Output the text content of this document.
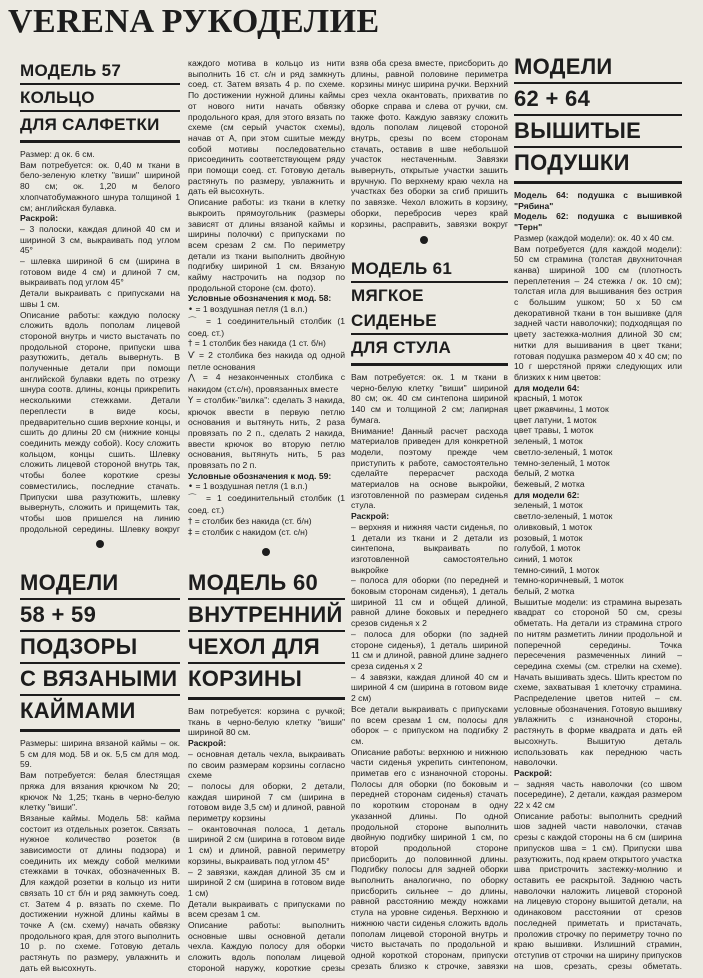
VERENA РУКОДЕЛИЕ
МОДЕЛЬ 57
КОЛЬЦО
ДЛЯ САЛФЕТКИ

Размер: д ок. 6 см.

Вам потребуется: ок. 0,40 м ткани в бело-зеленую клетку "виши" шириной 80 см; ок. 1,20 м белого хлопчатобумажного шнура толщиной 1 см; английская булавка.

Раскрой:

– 3 полоски, каждая длиной 40 см и шириной 3 см, выкраивать под углом 45°

– шлевка шириной 6 см (ширина в готовом виде 4 см) и длиной 7 см, выкраивать под углом 45°

Детали выкраивать с припусками на швы 1 см.

Описание работы: каждую полоску сложить вдоль пополам лицевой стороной внутрь и чисто выстачать по продольной стороне, припуски шва разутюжить, деталь вывернуть. В полученные детали при помощи английской булавки вдеть по отрезку шнура соотв. длины, концы прикрепить несколькими стежками. Детали переплести в виде косы, предварительно сшив верхние концы, и сшить до длины 20 см (нижние концы соединить между собой). Косу сложить кольцом, концы сшить. Шлевку сложить лицевой стороной внутрь так, чтобы более короткие срезы совместились, последние стачать. Припуски шва разутюжить, шлевку вывернуть, сложить и прищемить так, чтобы шов пришелся на линию продольной середины. Шлевку вокруг

МОДЕЛИ
58 + 59
ПОДЗОРЫ
С ВЯЗАНЫМИ
КАЙМАМИ

Размеры: ширина вязаной каймы – ок. 5 см для мод. 58 и ок. 5,5 см для мод. 59.

Вам потребуется: белая блестящая пряжа для вязания крючком № 20; крючок № 1,25; ткань в черно-белую клетку "виши".

Вязаные каймы. Модель 58: кайма состоит из отдельных розеток. Связать нужное количество розеток (в зависимости от длины подзора) и соединить их между собой мелкими стежками в точках, обозначенных B. Для каждой розетки в кольцо из нити связать 10 ст б/н и ряд замкнуть соед. ст. Затем 4 р. вязать по схеме. По достижении нужной длины каймы в точке A (см. схему) начать обвязку продольного края, для этого выполнить 10 р. по схеме. Готовую деталь растянуть по размеру, увлажнить и дать ей высохнуть.

каждого мотива в кольцо из нити выполнить 16 ст. с/н и ряд замкнуть соед. ст. Затем вязать 4 р. по схеме. По достижении нужной длины каймы от нового нити начать обвязку продольного края, для этого вязать по схеме (см серый участок схемы), начав от A, при этом сшитые между собой мотивы последовательно присоединить соответствующем ряду при помощи соед. ст. Готовую деталь растянуть по размеру, увлажнить и дать ей высохнуть.

Описание работы: из ткани в клетку выкроить прямоугольник (размеры зависят от длины вязаной каймы и ширины полочки) с припусками по всем срезам 2 см. По периметру детали из ткани выполнить двойную подгибку шириной 1 см. Вязаную кайму настрочить на подзор по продольной стороне (см. фото).

Условные обозначения к мод. 58:

• = 1 воздушная петля (1 в.п.)

⌒ = 1 соединительный столбик (1 соед. ст.)

† = 1 столбик без накида (1 ст. б/н)

Ѵ = 2 столбика без накида од одной петле основания

⋀ = 4 незаконченных столбика с накидом (ст.с/н), провязанных вместе

Y = столбик-"вилка": сделать 3 накида, крючок ввести в первую петлю основания и вытянуть нить, 2 раза провязать по 2 п., сделать 2 накида, ввести крючок во вторую петлю основания, вытянуть нить, 5 раз провязать по 2 п.

Условные обозначения к мод. 59:

• = 1 воздушная петля (1 в.п.)

⌒ = 1 соединительный столбик (1 соед. ст.)

† = столбик без накида (ст. б/н)

‡ = столбик с накидом (ст. с/н)

МОДЕЛЬ 60
ВНУТРЕННИЙ
ЧЕХОЛ ДЛЯ
КОРЗИНЫ

Вам потребуется: корзина с ручкой; ткань в черно-белую клетку "виши" шириной 80 см.

Раскрой:

– основная деталь чехла, выкраивать по своим размерам корзины согласно схеме

– полосы для оборки, 2 детали, каждая шириной 7 см (ширина в готовом виде 3,5 см) и длиной, равной периметру корзины

– окантовочная полоса, 1 деталь шириной 2 см (ширина в готовом виде 1 см) и длиной, равной периметру корзины, выкраивать под углом 45°

– 2 завязки, каждая длиной 35 см и шириной 2 см (ширина в готовом виде 1 см)

Детали выкраивать с припусками по всем срезам 1 см.

Описание работы: выполнить основные швы основной детали чехла. Каждую полосу для оборки сложить вдоль пополам лицевой стороной наружу, короткие срезы

взяв оба среза вместе, присборить до длины, равной половине периметра корзины минус ширина ручки. Верхний срез чехла окантовать, прихватив по оборке справа и слева от ручки, см. также фото. Каждую завязку сложить вдоль пополам лицевой стороной внутрь, срезы по всем сторонам стачать, оставив в шве небольшой участок нестаченным. Завязки вывернуть, открытые участки зашить вручную. По верхнему краю чехла на участках без оборки за сгиб пришить по завязке. Чехол вложить в корзину, оборки, перебросив через край корзины, расправить, завязки вокруг

МОДЕЛЬ 61
МЯГКОЕ СИДЕНЬЕ
ДЛЯ СТУЛА

Вам потребуется: ок. 1 м ткани в черно-белую клетку "виши" шириной 80 см; ок. 40 см синтепона шириной 140 см и толщиной 2 см; лапирная бумага.

Внимание! Данный расчет расхода материалов приведен для конкретной модели, поэтому прежде чем приступить к работе, самостоятельно сделайте перерасчет расхода материалов на основе выкройки, изготовленной по размерам сиденья стула.

Раскрой:

– верхняя и нижняя части сиденья, по 1 детали из ткани и 2 детали из синтепона, выкраивать по изготовленной самостоятельно выкройке

– полоса для оборки (по передней и боковым сторонам сиденья), 1 деталь шириной 11 см и общей длиной, равной длине боковых и переднего срезов сиденья x 2

– полоса для оборки (по задней стороне сиденья), 1 деталь шириной 11 см и длиной, равной длине заднего среза сиденья x 2

– 4 завязки, каждая длиной 40 см и шириной 4 см (ширина в готовом виде 2 см)

Все детали выкраивать с припусками по всем срезам 1 см, полосы для оборок – с припуском на подгибку 2 см.

Описание работы: верхнюю и нижнюю части сиденья укрепить синтепоном, приметав его с изнаночной стороны. Полосы для оборки (по боковым и передней сторонам сиденья) стачать по коротким сторонам в одну указанной длины. По одной продольной стороне выполнить двойную подгибку шириной 1 см, по второй продольной стороне присборить до половинной длины. Подгибку полосы для задней оборки выполнить аналогично, по оборку присборить сильнее – до длины, равной расстоянию между ножками стула на уровне сиденья. Верхнюю и нижнюю части сиденья сложить вдоль пополам лицевой стороной внутрь и чисто выстачать по продольной и одной короткой сторонам, припуски срезать близко к строчке, завязки

МОДЕЛИ
62 + 64
ВЫШИТЫЕ
ПОДУШКИ

Модель 64: подушка с вышивкой "Рябина"

Модель 62: подушка с вышивкой "Терн"

Размер (каждой модели): ок. 40 x 40 см.

Вам потребуется (для каждой модели): 50 см страмина (толстая двухниточная канва) шириной 100 см (плотность переплетения – 24 стежка / ок. 10 см); толстая игла для вышивания без острия с большим ушком; 50 x 50 см декоративной ткани в тон вышивке (для задней части наволочки); подходящая по цвету застежка-молния длиной 30 см; нитки для вышивания в цвет ткани; готовая подушка размером 40 x 40 см; по 10 г шерстяной пряжи следующих или близких к ним цветов:

для модели 64:

красный, 1 моток

цвет ржавчины, 1 моток

цвет латуни, 1 моток

цвет травы, 1 моток

зеленый, 1 моток

светло-зеленый, 1 моток

темно-зеленый, 1 моток

белый, 2 мотка

бежевый, 2 мотка

для модели 62:

зеленый, 1 моток

светло-зеленый, 1 моток

оливковый, 1 моток

розовый, 1 моток

голубой, 1 моток

синий, 1 моток

темно-синий, 1 моток

темно-коричневый, 1 моток

белый, 2 мотка

Вышитые модели: из страмина вырезать квадрат со стороной 50 см, срезы обметать. На детали из страмина строго по нитям разметить линии продольной и поперечной середины. Точка пересечения размеченных линий – середина схемы (см. стрелки на схеме). Начать вышивать здесь. Шить крестом по схеме, захватывая 1 клеточку страмина. Распределение цветов нитей – см. условные обозначения. Готовую вышивку увлажнить с изнаночной стороны, растянуть в форме квадрата и дать ей высохнуть. Вышитую деталь использовать как переднюю часть наволочки.

Раскрой:

– задняя часть наволочки (со швом посередине), 2 детали, каждая размером 22 x 42 см

Описание работы: выполнить средний шов задней части наволочки, стачав срезы с каждой стороны на 6 см (ширина припусков шва = 1 см). Припуски шва разутюжить, под краем открытого участка шва пристрочить застежку-молнию и оставить ее раскрытой. Заднюю часть наволочки наложить лицевой стороной на лицевую сторону вышитой детали, на одинаковом расстоянии от срезов последней приметать и пристачать, проложив строчку по периметру точно по краю вышивки. Излишний страмин, отступив от строчки на ширину припусков на шов, срезать, срезы обметать.
